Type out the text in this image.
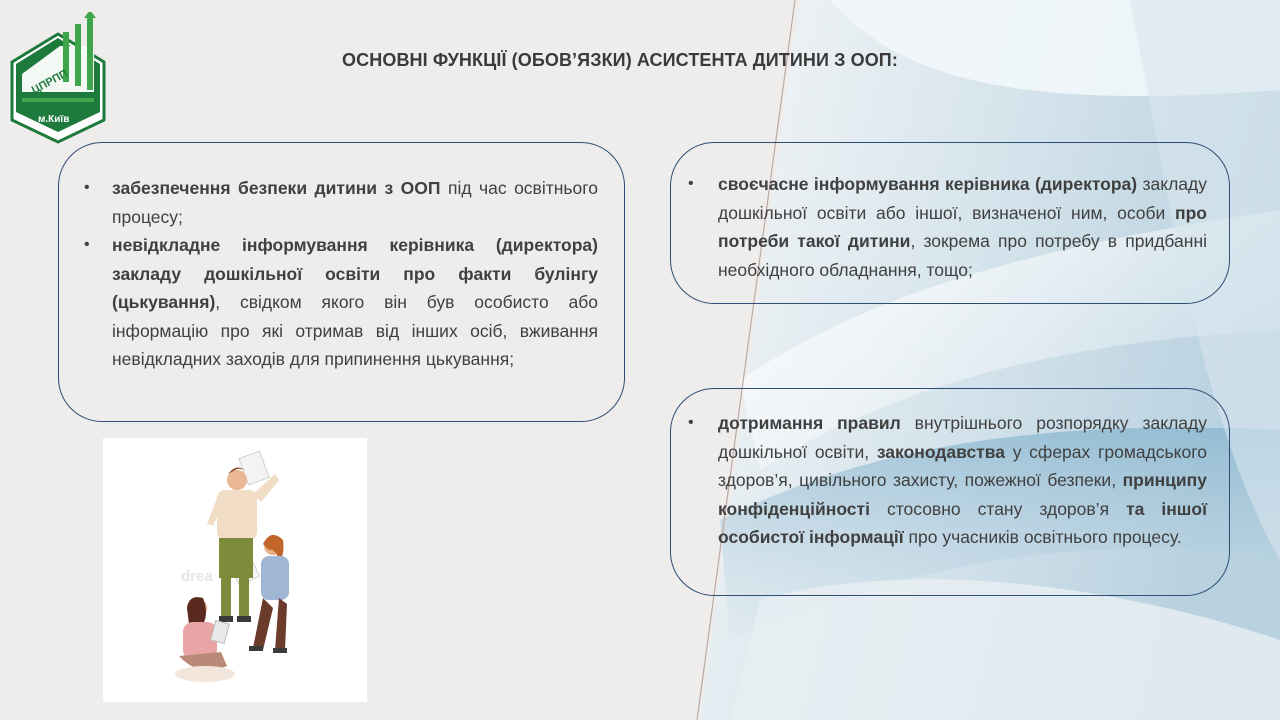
ЦПРПП
м.Київ
ОСНОВНІ ФУНКЦІЇ (ОБОВ’ЯЗКИ) АСИСТЕНТА ДИТИНИ З ООП:
• забезпечення безпеки дитини з ООП під час освітнього процесу;
• невідкладне інформування керівника (директора) закладу дошкільної освіти про факти булінгу (цькування), свідком якого він був особисто або інформацію про які отримав від інших осіб, вживання невідкладних заходів для припинення цькування;
• своєчасне інформування керівника (директора) закладу дошкільної освіти або іншої, визначеної ним, особи про потреби такої дитини, зокрема про потребу в придбанні необхідного обладнання, тощо;
• дотримання правил внутрішнього розпорядку закладу дошкільної освіти, законодавства у сферах громадського здоров’я, цивільного захисту, пожежної безпеки, принципу конфіденційності стосовно стану здоров’я та іншої особистої інформації про учасників освітнього процесу.
drea
